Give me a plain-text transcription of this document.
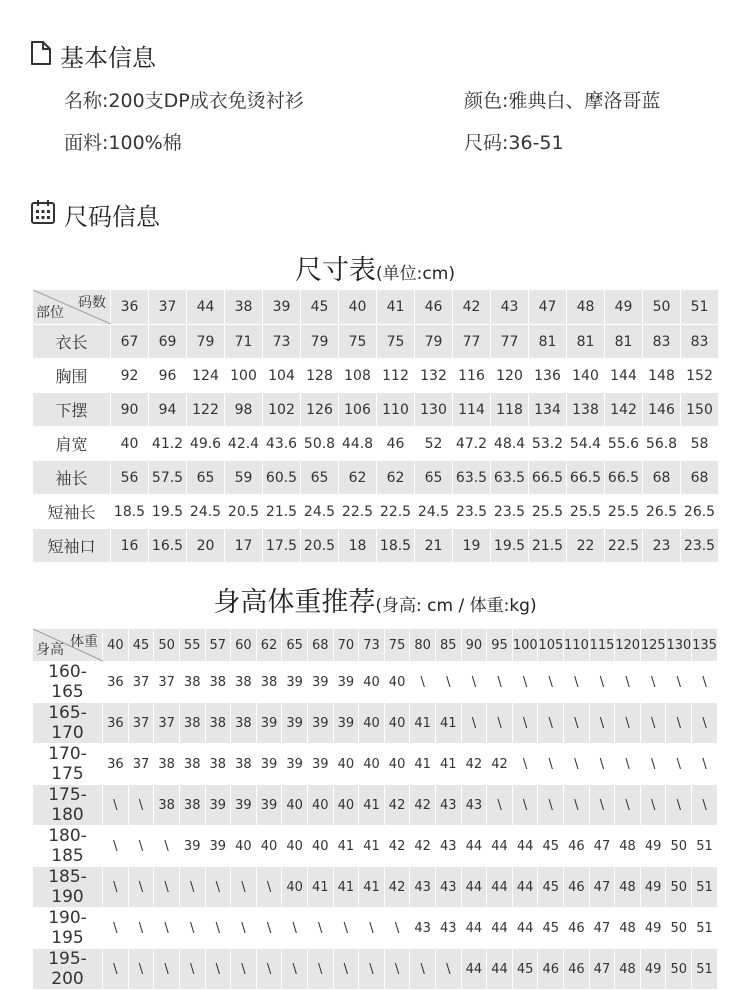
基本信息
名称:200支DP成衣免烫衬衫	颜色:雅典白、摩洛哥蓝
面料:100%棉	尺码:36-51
尺码信息
尺寸表(单位:cm)
码数
部位	36	37	44	38	39	45	40	41	46	42	43	47	48	49	50	51
衣长	67	69	79	71	73	79	75	75	79	77	77	81	81	81	83	83
胸围	92	96	124	100	104	128	108	112	132	116	120	136	140	144	148	152
下摆	90	94	122	98	102	126	106	110	130	114	118	134	138	142	146	150
肩宽	40	41.2	49.6	42.4	43.6	50.8	44.8	46	52	47.2	48.4	53.2	54.4	55.6	56.8	58
袖长	56	57.5	65	59	60.5	65	62	62	65	63.5	63.5	66.5	66.5	66.5	68	68
短袖长	18.5	19.5	24.5	20.5	21.5	24.5	22.5	22.5	24.5	23.5	23.5	25.5	25.5	25.5	26.5	26.5
短袖口	16	16.5	20	17	17.5	20.5	18	18.5	21	19	19.5	21.5	22	22.5	23	23.5
身高体重推荐(身高: cm / 体重:kg)
体重
身高	40	45	50	55	57	60	62	65	68	70	73	75	80	85	90	95	100	105	110	115	120	125	130	135
160-165	36	37	37	38	38	38	38	39	39	39	40	40	\	\	\	\	\	\	\	\	\	\	\	\
165-170	36	37	37	38	38	38	39	39	39	39	40	40	41	41	\	\	\	\	\	\	\	\	\	\
170-175	36	37	38	38	38	38	39	39	39	40	40	40	41	41	42	42	\	\	\	\	\	\	\	\
175-180	\	\	38	38	39	39	39	40	40	40	41	42	42	43	43	\	\	\	\	\	\	\	\	\
180-185	\	\	\	39	39	40	40	40	40	41	41	42	42	43	44	44	44	45	46	47	48	49	50	51
185-190	\	\	\	\	\	\	\	40	41	41	41	42	43	43	44	44	44	45	46	47	48	49	50	51
190-195	\	\	\	\	\	\	\	\	\	\	\	\	43	43	44	44	44	45	46	47	48	49	50	51
195-200	\	\	\	\	\	\	\	\	\	\	\	\	\	\	44	44	45	46	46	47	48	49	50	51
